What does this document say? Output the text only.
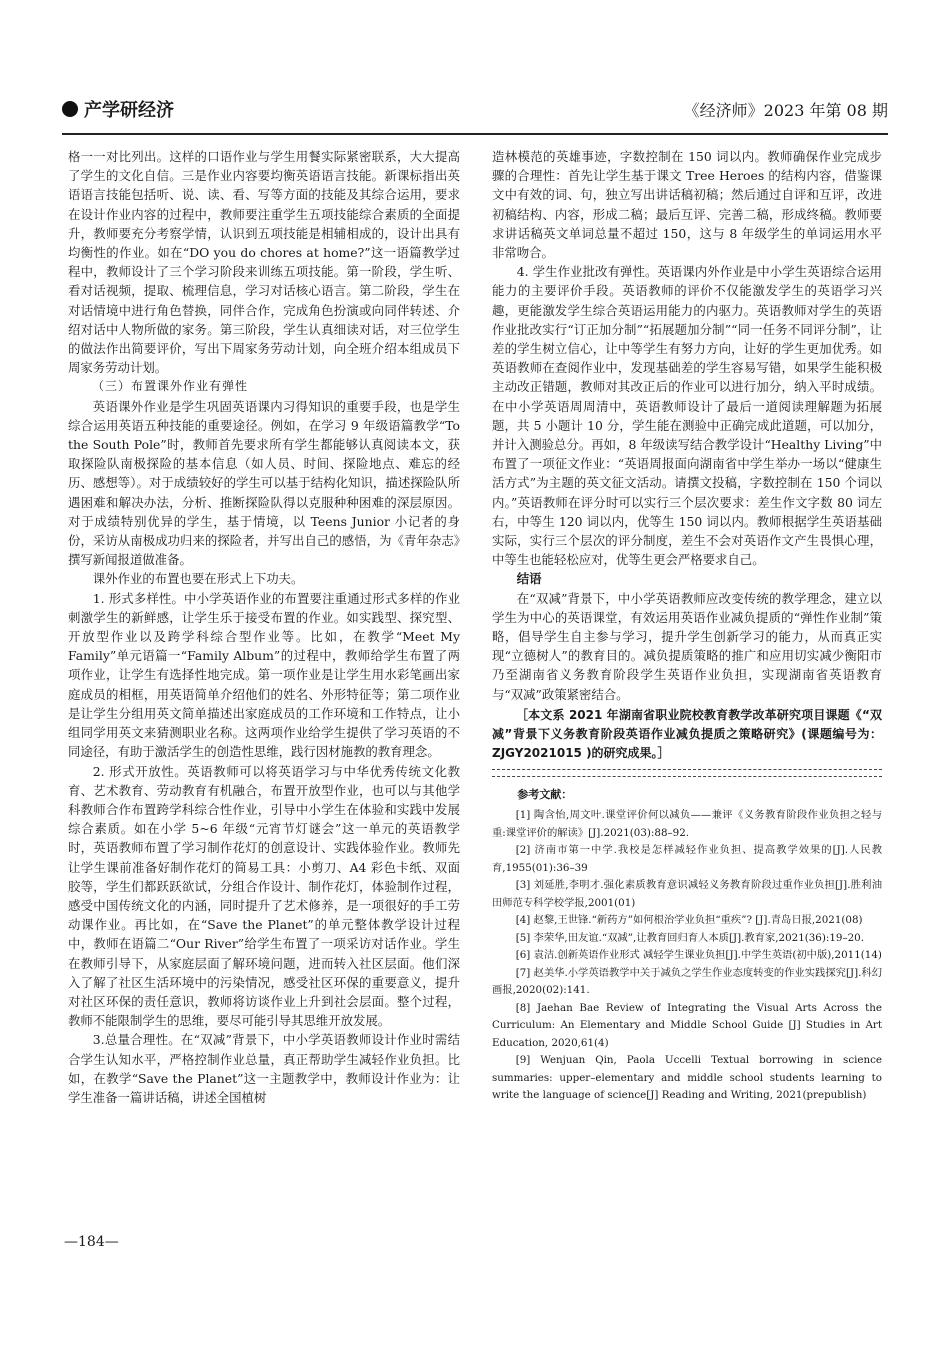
产学研经济	《经济师》2023 年第 08 期

格一一对比列出。这样的口语作业与学生用餐实际紧密联系，大大提高了学生的文化自信。三是作业内容要均衡英语语言技能。新课标指出英语语言技能包括听、说、读、看、写等方面的技能及其综合运用，要求在设计作业内容的过程中，教师要注重学生五项技能综合素质的全面提升，教师要充分考察学情，认识到五项技能是相辅相成的，设计出具有均衡性的作业。如在“DO you do chores at home?”这一语篇教学过程中，教师设计了三个学习阶段来训练五项技能。第一阶段，学生听、看对话视频，提取、梳理信息，学习对话核心语言。第二阶段，学生在对话情境中进行角色替换，同伴合作，完成角色扮演或向同伴转述、介绍对话中人物所做的家务。第三阶段，学生认真细读对话，对三位学生的做法作出简要评价，写出下周家务劳动计划，向全班介绍本组成员下周家务劳动计划。

（三）布置课外作业有弹性

英语课外作业是学生巩固英语课内习得知识的重要手段，也是学生综合运用英语五种技能的重要途径。例如，在学习 9 年级语篇教学“To the South Pole”时，教师首先要求所有学生都能够认真阅读本文，获取探险队南极探险的基本信息（如人员、时间、探险地点、难忘的经历、感想等）。对于成绩较好的学生可以基于结构化知识，描述探险队所遇困难和解决办法，分析、推断探险队得以克服种种困难的深层原因。对于成绩特别优异的学生，基于情境，以 Teens Junior 小记者的身份，采访从南极成功归来的探险者，并写出自己的感悟，为《青年杂志》撰写新闻报道做准备。

课外作业的布置也要在形式上下功夫。

1. 形式多样性。中小学英语作业的布置要注重通过形式多样的作业刺激学生的新鲜感，让学生乐于接受布置的作业。如实践型、探究型、开放型作业以及跨学科综合型作业等。比如，在教学“Meet My Family”单元语篇一“Family Album”的过程中，教师给学生布置了两项作业，让学生有选择性地完成。第一项作业是让学生用水彩笔画出家庭成员的相框，用英语简单介绍他们的姓名、外形特征等；第二项作业是让学生分组用英文简单描述出家庭成员的工作环境和工作特点，让小组同学用英文来猜测职业名称。这两项作业给学生提供了学习英语的不同途径，有助于激活学生的创造性思维，践行因材施教的教育理念。

2. 形式开放性。英语教师可以将英语学习与中华优秀传统文化教育、艺术教育、劳动教育有机融合，布置开放型作业，也可以与其他学科教师合作布置跨学科综合性作业，引导中小学生在体验和实践中发展综合素质。如在小学 5~6 年级“元宵节灯谜会”这一单元的英语教学时，英语教师布置了学习制作花灯的创意设计、实践体验作业。教师先让学生课前准备好制作花灯的简易工具：小剪刀、A4 彩色卡纸、双面胶等，学生们都跃跃欲试，分组合作设计、制作花灯，体验制作过程，感受中国传统文化的内涵，同时提升了艺术修养，是一项很好的手工劳动课作业。再比如，在“Save the Planet”的单元整体教学设计过程中，教师在语篇二“Our River”给学生布置了一项采访对话作业。学生在教师引导下，从家庭层面了解环境问题，进而转入社区层面。他们深入了解了社区生活环境中的污染情况，感受社区环保的重要意义，提升对社区环保的责任意识，教师将访谈作业上升到社会层面。整个过程，教师不能限制学生的思维，要尽可能引导其思维开放发展。

3.总量合理性。在“双减”背景下，中小学英语教师设计作业时需结合学生认知水平，严格控制作业总量，真正帮助学生减轻作业负担。比如，在教学“Save the Planet”这一主题教学中，教师设计作业为：让学生准备一篇讲话稿，讲述全国植树

造林模范的英雄事迹，字数控制在 150 词以内。教师确保作业完成步骤的合理性：首先让学生基于课文 Tree Heroes 的结构内容，借鉴课文中有效的词、句，独立写出讲话稿初稿；然后通过自评和互评，改进初稿结构、内容，形成二稿；最后互评、完善二稿，形成终稿。教师要求讲话稿英文单词总量不超过 150，这与 8 年级学生的单词运用水平非常吻合。

4. 学生作业批改有弹性。英语课内外作业是中小学生英语综合运用能力的主要评价手段。英语教师的评价不仅能激发学生的英语学习兴趣，更能激发学生综合英语运用能力的内驱力。英语教师对学生的英语作业批改实行“订正加分制”“拓展题加分制”“同一任务不同评分制”，让差的学生树立信心，让中等学生有努力方向，让好的学生更加优秀。如英语教师在查阅作业中，发现基础差的学生容易写错，如果学生能积极主动改正错题，教师对其改正后的作业可以进行加分，纳入平时成绩。在中小学英语周周清中，英语教师设计了最后一道阅读理解题为拓展题，共 5 小题计 10 分，学生能在测验中正确完成此道题，可以加分，并计入测验总分。再如，8 年级读写结合教学设计“Healthy Living”中布置了一项征文作业：“英语周报面向湖南省中学生举办一场以“健康生活方式”为主题的英文征文活动。请撰文投稿，字数控制在 150 个词以内。”英语教师在评分时可以实行三个层次要求：差生作文字数 80 词左右，中等生 120 词以内，优等生 150 词以内。教师根据学生英语基础实际，实行三个层次的评分制度，差生不会对英语作文产生畏惧心理，中等生也能轻松应对，优等生更会严格要求自己。

结语

在“双减”背景下，中小学英语教师应改变传统的教学理念，建立以学生为中心的英语课堂，有效运用英语作业减负提质的“弹性作业制”策略，倡导学生自主参与学习，提升学生创新学习的能力，从而真正实现“立德树人”的教育目的。减负提质策略的推广和应用切实减少衡阳市乃至湖南省义务教育阶段学生英语作业负担，实现湖南省英语教育与“双减”政策紧密结合。

［本文系 2021 年湖南省职业院校教育教学改革研究项目课题《“双减”背景下义务教育阶段英语作业减负提质之策略研究》(课题编号为：ZJGY2021015 )的研究成果。］
参考文献：
[1] 陶含怡,周文叶.课堂评价何以减负——兼评《义务教育阶段作业负担之轻与重:课堂评价的解读》[J].2021(03):88–92.
[2] 济南市第一中学.我校是怎样减轻作业负担、提高教学效果的[J].人民教育,1955(01):36–39
[3] 刘延胜,李明才.强化素质教育意识减轻义务教育阶段过重作业负担[J].胜利油田师范专科学校学报,2001(01)
[4] 赵黎,王世锋.“新药方”如何根治学业负担“重疾”? [J].青岛日报,2021(08)
[5] 李荣华,田友谊.“双减”,让教育回归育人本质[J].教育家,2021(36):19–20.
[6] 袁洁.创新英语作业形式 减轻学生课业负担[J].中学生英语(初中版),2011(14)
[7] 赵美华.小学英语教学中关于减负之学生作业态度转变的作业实践探究[J].科幻画报,2020(02):141.
[8] Jaehan Bae Review of Integrating the Visual Arts Across the Curriculum: An Elementary and Middle School Guide [J] Studies in Art Education, 2020,61(4)
[9] Wenjuan Qin, Paola Uccelli Textual borrowing in science summaries: upper–elementary and middle school students learning to write the language of science[J] Reading and Writing, 2021(prepublish)
—184—
